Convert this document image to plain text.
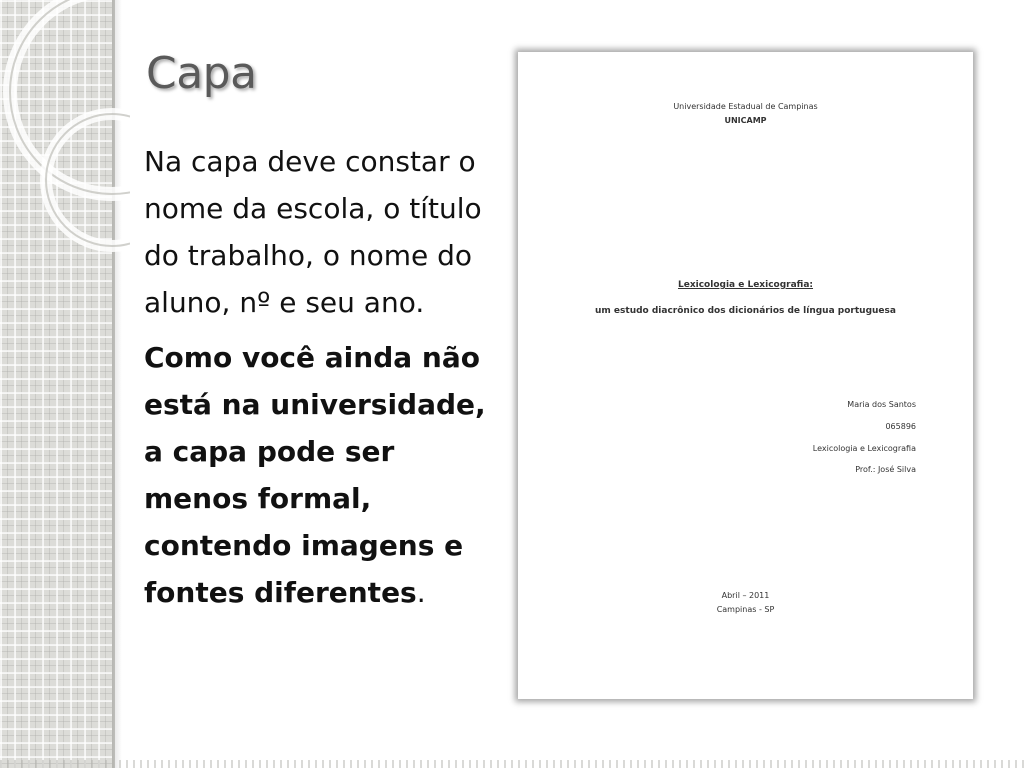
Capa

Na capa deve constar o nome da escola, o título do trabalho, o nome do aluno, nº e seu ano.

Como você ainda não está na universidade, a capa pode ser menos formal, contendo imagens e fontes diferentes.

Universidade Estadual de Campinas
UNICAMP
Lexicologia e Lexicografia:
um estudo diacrônico dos dicionários de língua portuguesa
Maria dos Santos
065896
Lexicologia e Lexicografia
Prof.: José Silva
Abril – 2011
Campinas - SP
